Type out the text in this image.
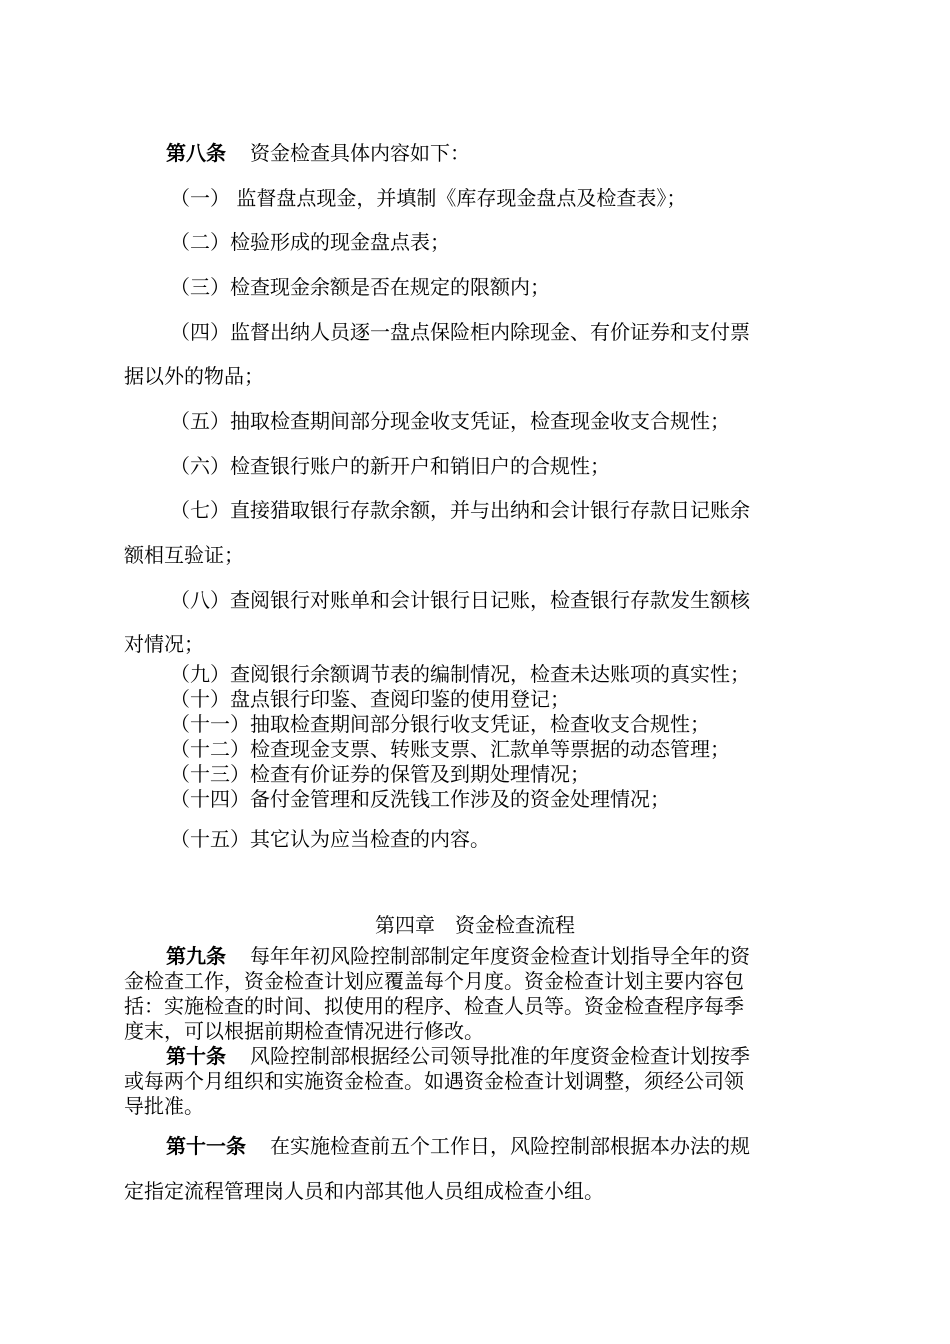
第八条 资金检查具体内容如下：
（一） 监督盘点现金，并填制《库存现金盘点及检查表》；
（二）检验形成的现金盘点表；
（三）检查现金余额是否在规定的限额内；
（四）监督出纳人员逐一盘点保险柜内除现金、有价证券和支付票
据以外的物品；
（五）抽取检查期间部分现金收支凭证，检查现金收支合规性；
（六）检查银行账户的新开户和销旧户的合规性；
（七）直接猎取银行存款余额，并与出纳和会计银行存款日记账余
额相互验证；
（八）查阅银行对账单和会计银行日记账，检查银行存款发生额核
对情况；
（九）查阅银行余额调节表的编制情况，检查未达账项的真实性；
（十）盘点银行印鉴、查阅印鉴的使用登记；
（十一）抽取检查期间部分银行收支凭证，检查收支合规性；
（十二）检查现金支票、转账支票、汇款单等票据的动态管理；
（十三）检查有价证券的保管及到期处理情况；
（十四）备付金管理和反洗钱工作涉及的资金处理情况；
（十五）其它认为应当检查的内容。
第四章　资金检查流程
第九条 每年年初风险控制部制定年度资金检查计划指导全年的资
金检查工作，资金检查计划应覆盖每个月度。资金检查计划主要内容包
括：实施检查的时间、拟使用的程序、检查人员等。资金检查程序每季
度末，可以根据前期检查情况进行修改。
第十条 风险控制部根据经公司领导批准的年度资金检查计划按季
或每两个月组织和实施资金检查。如遇资金检查计划调整，须经公司领
导批准。
第十一条 在实施检查前五个工作日，风险控制部根据本办法的规
定指定流程管理岗人员和内部其他人员组成检查小组。
